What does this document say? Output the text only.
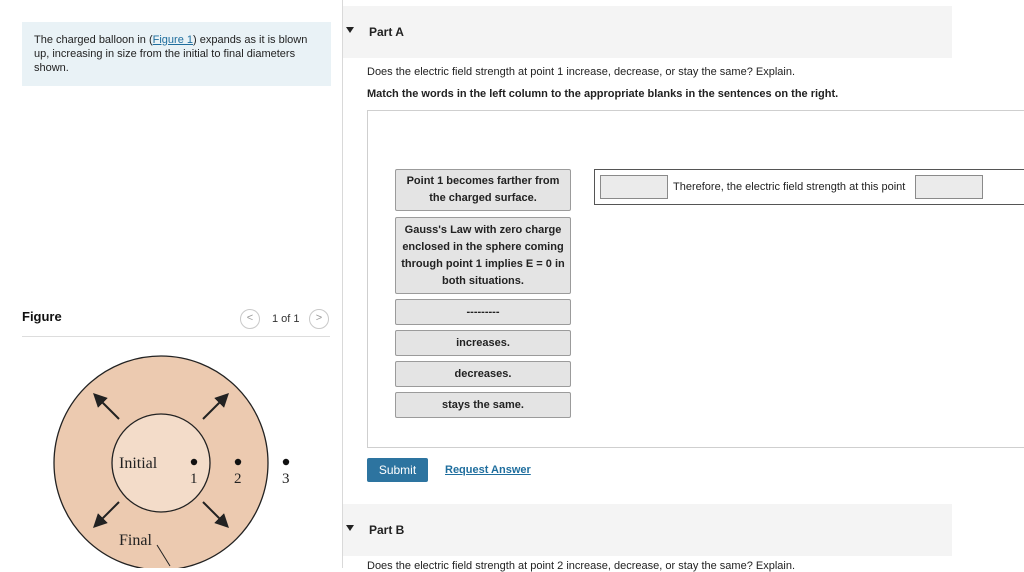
The charged balloon in (Figure 1) expands as it is blown up, increasing in size from the initial to final diameters shown.
Figure	<	1 of 1	>
Initial
Final
1 2	3
Part A
Does the electric field strength at point 1 increase, decrease, or stay the same? Explain.
Match the words in the left column to the appropriate blanks in the sentences on the right.
Point 1 becomes farther from the charged surface.
Gauss's Law with zero charge enclosed in the sphere coming through point 1 implies E = 0 in both situations.
---------
increases.
decreases.
stays the same.
Therefore, the electric field strength at this point
Submit	Request Answer
Part B
Does the electric field strength at point 2 increase, decrease, or stay the same? Explain.
